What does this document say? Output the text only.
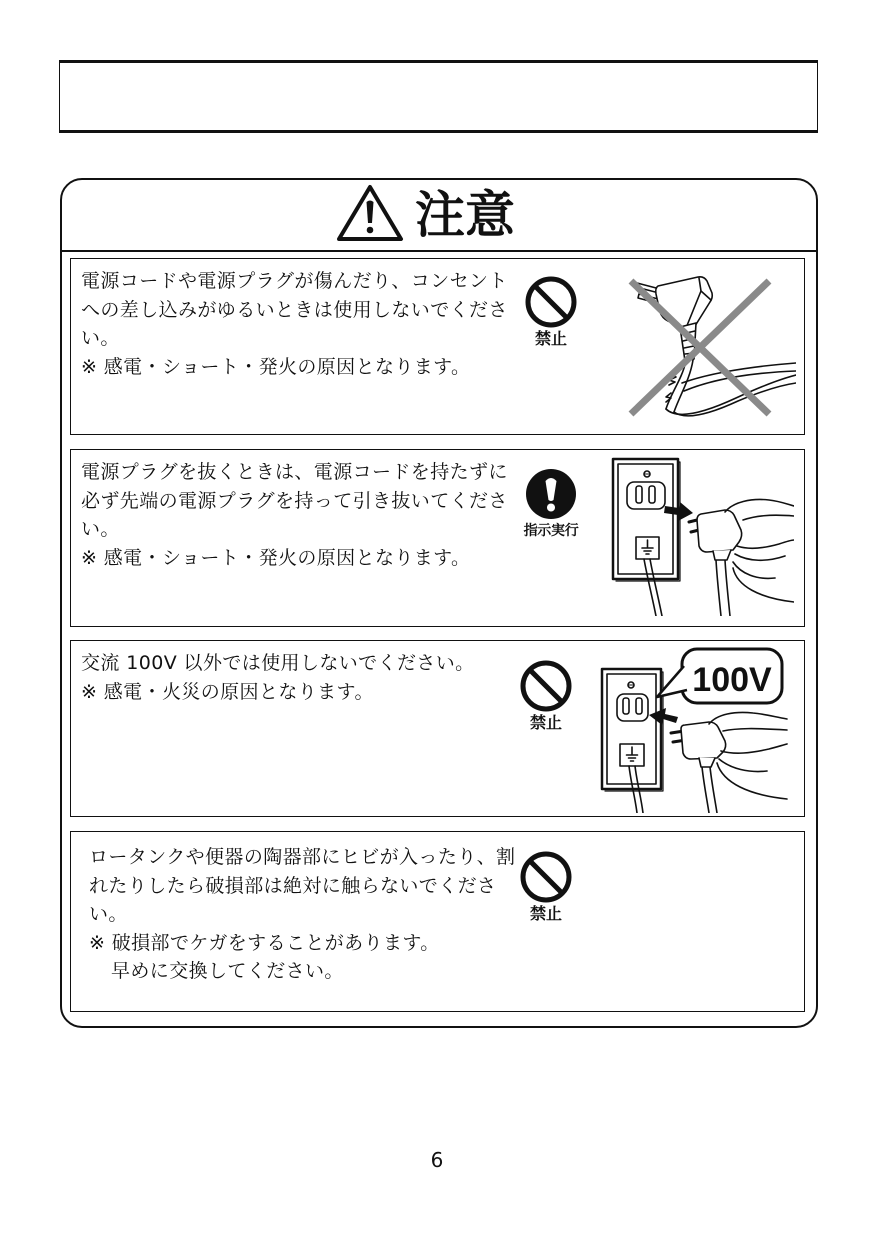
注意
電源コードや電源プラグが傷んだり、コンセント
への差し込みがゆるいときは使用しないでくださ
い。
※ 感電・ショート・発火の原因となります。
禁止
電源プラグを抜くときは、電源コードを持たずに
必ず先端の電源プラグを持って引き抜いてくださ
い。
※ 感電・ショート・発火の原因となります。
指示実行
交流 100V 以外では使用しないでください。
※ 感電・火災の原因となります。
禁止
100V
ロータンクや便器の陶器部にヒビが入ったり、割
れたりしたら破損部は絶対に触らないでくださ
い。
※ 破損部でケガをすることがあります。
早めに交換してください。
禁止
6
